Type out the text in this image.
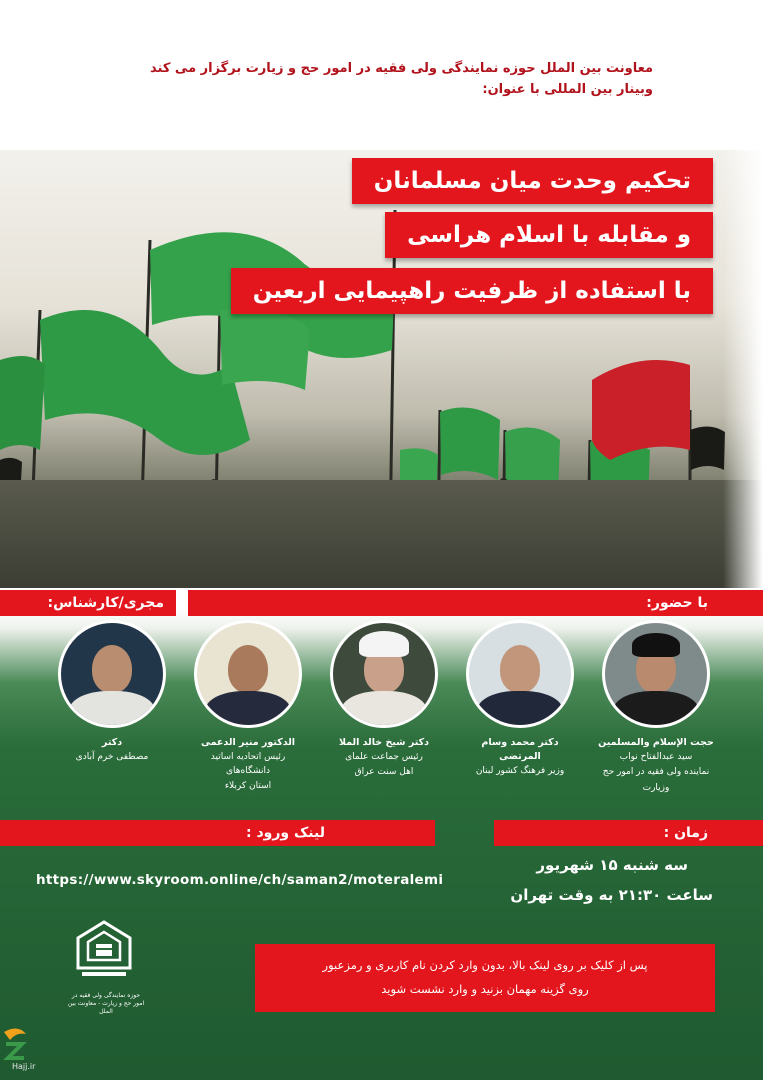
معاونت بین الملل حوزه نمایندگی ولی فقیه در امور حج و زیارت برگزار می کند
وبینار بین المللی با عنوان:
تحکیم وحدت میان مسلمانان
و مقابله با اسلام هراسی
با استفاده از ظرفیت راهپیمایی اربعین
مجری/کارشناس:	با حضور:
حجت الإسلام والمسلمین
سید عبدالفتاح نواب
نماینده ولی فقیه در امور حج وزیارت
دکتر محمد وسام المرتضى
وزیر فرهنگ کشور لبنان
دکتر شیخ خالد الملا
رئیس جماعت علمای
اهل سنت عراق
الدکتور منیر الدعمی
رئیس اتحادیه اساتید دانشگاه‌های
استان کربلاء
دکتر
مصطفی خرم آبادی
لینک ورود :	زمان :
https://www.skyroom.online/ch/saman2/moteralemi
سه شنبه ۱۵ شهریور
ساعت ۲۱:۳۰ به وقت تهران
حوزه نمایندگی ولی فقیه در امور حج و زیارت - معاونت بین الملل
پس از کلیک بر روی لینک بالا، بدون وارد کردن نام کاربری و رمزعبور
روی گزینه مهمان بزنید و وارد نشست شوید
Hajj.ir
